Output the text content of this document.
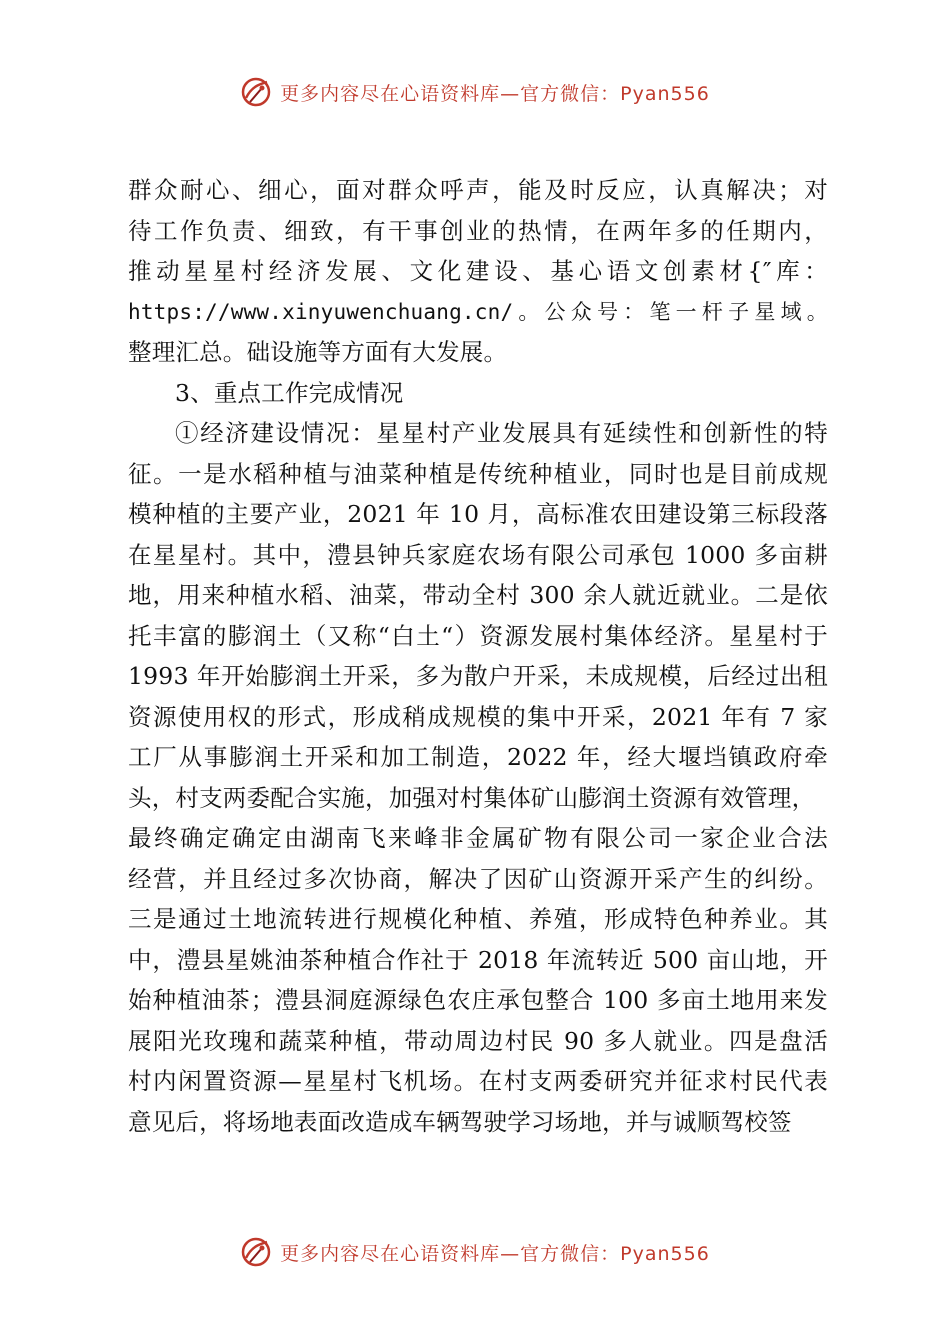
更多内容尽在心语资料库—官方微信：Pyan556
群众耐心、细心，面对群众呼声，能及时反应，认真解决；对
待工作负责、细致，有干事创业的热情，在两年多的任期内，
推动星星村经济发展、文化建设、基心语文创素材{″库：
https://www.xinyuwenchuang.cn/。公众号：笔一杆子星域。
整理汇总。础设施等方面有大发展。
3、重点工作完成情况
①经济建设情况：星星村产业发展具有延续性和创新性的特
征。一是水稻种植与油菜种植是传统种植业，同时也是目前成规
模种植的主要产业，2021 年 10 月，高标准农田建设第三标段落
在星星村。其中，澧县钟兵家庭农场有限公司承包 1000 多亩耕
地，用来种植水稻、油菜，带动全村 300 余人就近就业。二是依
托丰富的膨润土（又称“白土“）资源发展村集体经济。星星村于
1993 年开始膨润土开采，多为散户开采，未成规模，后经过出租
资源使用权的形式，形成稍成规模的集中开采，2021 年有 7 家
工厂从事膨润土开采和加工制造，2022 年，经大堰垱镇政府牵
头，村支两委配合实施，加强对村集体矿山膨润土资源有效管理，
最终确定确定由湖南飞来峰非金属矿物有限公司一家企业合法
经营，并且经过多次协商，解决了因矿山资源开采产生的纠纷。
三是通过土地流转进行规模化种植、养殖，形成特色种养业。其
中，澧县星姚油茶种植合作社于 2018 年流转近 500 亩山地，开
始种植油茶；澧县洞庭源绿色农庄承包整合 100 多亩土地用来发
展阳光玫瑰和蔬菜种植，带动周边村民 90 多人就业。四是盘活
村内闲置资源—星星村飞机场。在村支两委研究并征求村民代表
意见后，将场地表面改造成车辆驾驶学习场地，并与诚顺驾校签
更多内容尽在心语资料库—官方微信：Pyan556
